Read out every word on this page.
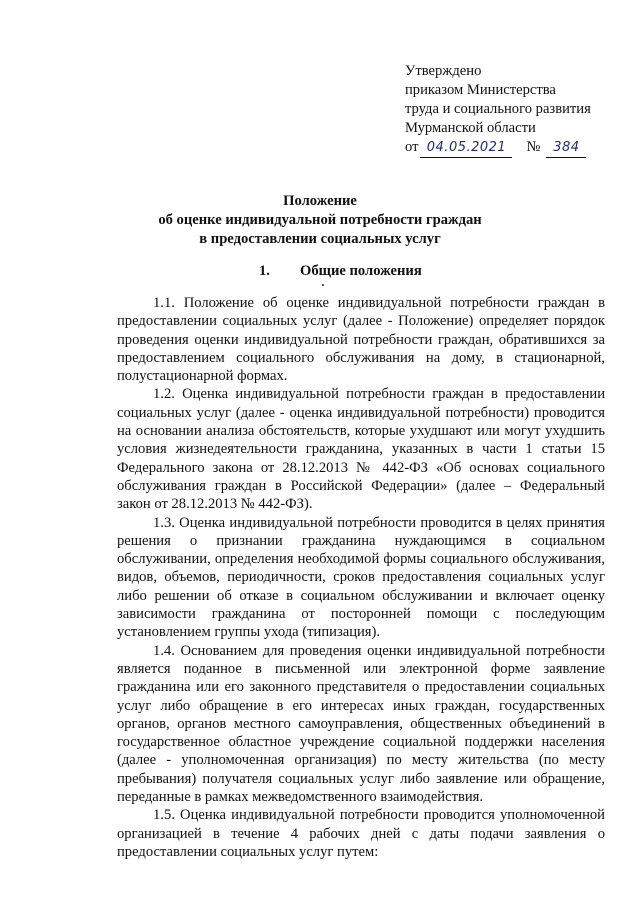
Утверждено
приказом Министерства
труда и социального развития
Мурманской области
от 04.05.2021	№ 384
Положение
об оценке индивидуальной потребности граждан
в предоставлении социальных услуг
1. Общие положения

1.1. Положение об оценке индивидуальной потребности граждан в предоставлении социальных услуг (далее - Положение) определяет порядок проведения оценки индивидуальной потребности граждан, обратившихся за предоставлением социального обслуживания на дому, в стационарной, полустационарной формах.

1.2. Оценка индивидуальной потребности граждан в предоставлении социальных услуг (далее - оценка индивидуальной потребности) проводится на основании анализа обстоятельств, которые ухудшают или могут ухудшить условия жизнедеятельности гражданина, указанных в части 1 статьи 15 Федерального закона от 28.12.2013 № 442-ФЗ «Об основах социального обслуживания граждан в Российской Федерации» (далее – Федеральный закон от 28.12.2013 № 442-ФЗ).

1.3. Оценка индивидуальной потребности проводится в целях принятия решения о признании гражданина нуждающимся в социальном обслуживании, определения необходимой формы социального обслуживания, видов, объемов, периодичности, сроков предоставления социальных услуг либо решении об отказе в социальном обслуживании и включает оценку зависимости гражданина от посторонней помощи с последующим установлением группы ухода (типизация).

1.4. Основанием для проведения оценки индивидуальной потребности является поданное в письменной или электронной форме заявление гражданина или его законного представителя о предоставлении социальных услуг либо обращение в его интересах иных граждан, государственных органов, органов местного самоуправления, общественных объединений в государственное областное учреждение социальной поддержки населения (далее - уполномоченная организация) по месту жительства (по месту пребывания) получателя социальных услуг либо заявление или обращение, переданные в рамках межведомственного взаимодействия.

1.5. Оценка индивидуальной потребности проводится уполномоченной организацией в течение 4 рабочих дней с даты подачи заявления о предоставлении социальных услуг путем:
